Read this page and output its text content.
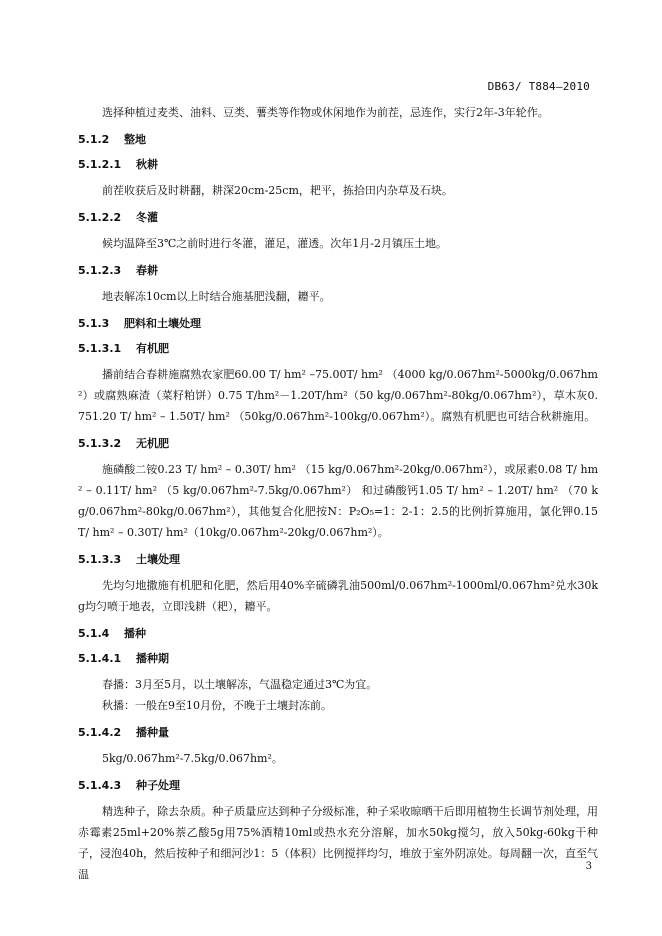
DB63/ T884—2010

选择种植过麦类、油料、豆类、薯类等作物或休闲地作为前茬，忌连作，实行2年-3年轮作。

5.1.2 整地
5.1.2.1 秋耕

前茬收获后及时耕翻，耕深20cm-25cm，耙平，拣拾田内杂草及石块。

5.1.2.2 冬灌

候均温降至3℃之前时进行冬灌，灌足，灌透。次年1月-2月镇压土地。

5.1.2.3 春耕

地表解冻10cm以上时结合施基肥浅翻，耱平。

5.1.3 肥料和土壤处理
5.1.3.1 有机肥

播前结合春耕施腐熟农家肥60.00 T/ hm² –75.00T/ hm² （4000 kg/0.067hm²-5000kg/0.067hm²）或腐熟麻渣（菜籽粕饼）0.75 T/hm²－1.20T/hm²（50 kg/0.067hm²-80kg/0.067hm²），草木灰0.751.20 T/ hm² – 1.50T/ hm² （50kg/0.067hm²-100kg/0.067hm²）。腐熟有机肥也可结合秋耕施用。

5.1.3.2 无机肥

施磷酸二铵0.23 T/ hm² – 0.30T/ hm² （15 kg/0.067hm²-20kg/0.067hm²），或尿素0.08 T/ hm² – 0.11T/ hm² （5 kg/0.067hm²-7.5kg/0.067hm²） 和过磷酸钙1.05 T/ hm² – 1.20T/ hm² （70 kg/0.067hm²-80kg/0.067hm²），其他复合化肥按N：P₂O₅=1：2-1：2.5的比例折算施用，氯化钾0.15 T/ hm² – 0.30T/ hm²（10kg/0.067hm²-20kg/0.067hm²）。

5.1.3.3 土壤处理

先均匀地撒施有机肥和化肥，然后用40%辛硫磷乳油500ml/0.067hm²-1000ml/0.067hm²兑水30kg均匀喷于地表，立即浅耕（耙），耱平。

5.1.4 播种
5.1.4.1 播种期

春播：3月至5月，以土壤解冻，气温稳定通过3℃为宜。

秋播：一般在9至10月份，不晚于土壤封冻前。

5.1.4.2 播种量

5kg/0.067hm²-7.5kg/0.067hm²。

5.1.4.3 种子处理

精选种子，除去杂质。种子质量应达到种子分级标准，种子采收晾晒干后即用植物生长调节剂处理，用赤霉素25ml+20%萘乙酸5g用75%酒精10ml或热水充分溶解，加水50kg搅匀，放入50kg-60kg干种子，浸泡40h，然后按种子和细河沙1：5（体积）比例搅拌均匀，堆放于室外阴凉处。每周翻一次，直至气温

3
